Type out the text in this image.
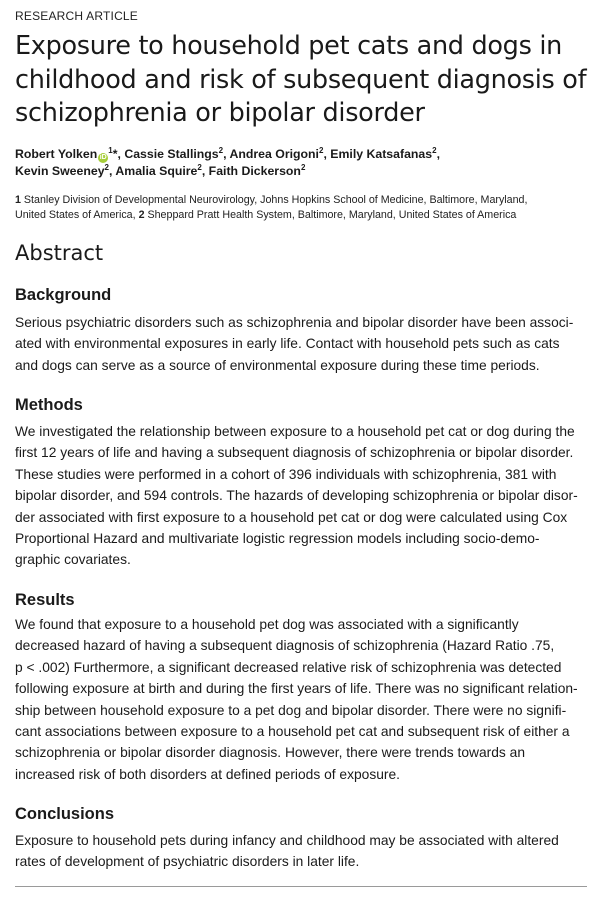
RESEARCH ARTICLE
Exposure to household pet cats and dogs in
childhood and risk of subsequent diagnosis of
schizophrenia or bipolar disorder
Robert Yolken $iD^1*$, Cassie Stallings$^2$, Andrea Origoni$^2$, Emily Katsafanas$^2$,
Kevin Sweeney$^2$, Amalia Squire$^2$, Faith Dickerson$^2$
1 Stanley Division of Developmental Neurovirology, Johns Hopkins School of Medicine, Baltimore, Maryland,
United States of America, 2 Sheppard Pratt Health System, Baltimore, Maryland, United States of America
Abstract
Background

Serious psychiatric disorders such as schizophrenia and bipolar disorder have been associ-
ated with environmental exposures in early life. Contact with household pets such as cats
and dogs can serve as a source of environmental exposure during these time periods.

Methods

We investigated the relationship between exposure to a household pet cat or dog during the
first 12 years of life and having a subsequent diagnosis of schizophrenia or bipolar disorder.
These studies were performed in a cohort of 396 individuals with schizophrenia, 381 with
bipolar disorder, and 594 controls. The hazards of developing schizophrenia or bipolar disor-
der associated with first exposure to a household pet cat or dog were calculated using Cox
Proportional Hazard and multivariate logistic regression models including socio-demo-
graphic covariates.

Results

We found that exposure to a household pet dog was associated with a significantly
decreased hazard of having a subsequent diagnosis of schizophrenia (Hazard Ratio .75,
p < .002) Furthermore, a significant decreased relative risk of schizophrenia was detected
following exposure at birth and during the first years of life. There was no significant relation-
ship between household exposure to a pet dog and bipolar disorder. There were no signifi-
cant associations between exposure to a household pet cat and subsequent risk of either a
schizophrenia or bipolar disorder diagnosis. However, there were trends towards an
increased risk of both disorders at defined periods of exposure.

Conclusions

Exposure to household pets during infancy and childhood may be associated with altered
rates of development of psychiatric disorders in later life.
